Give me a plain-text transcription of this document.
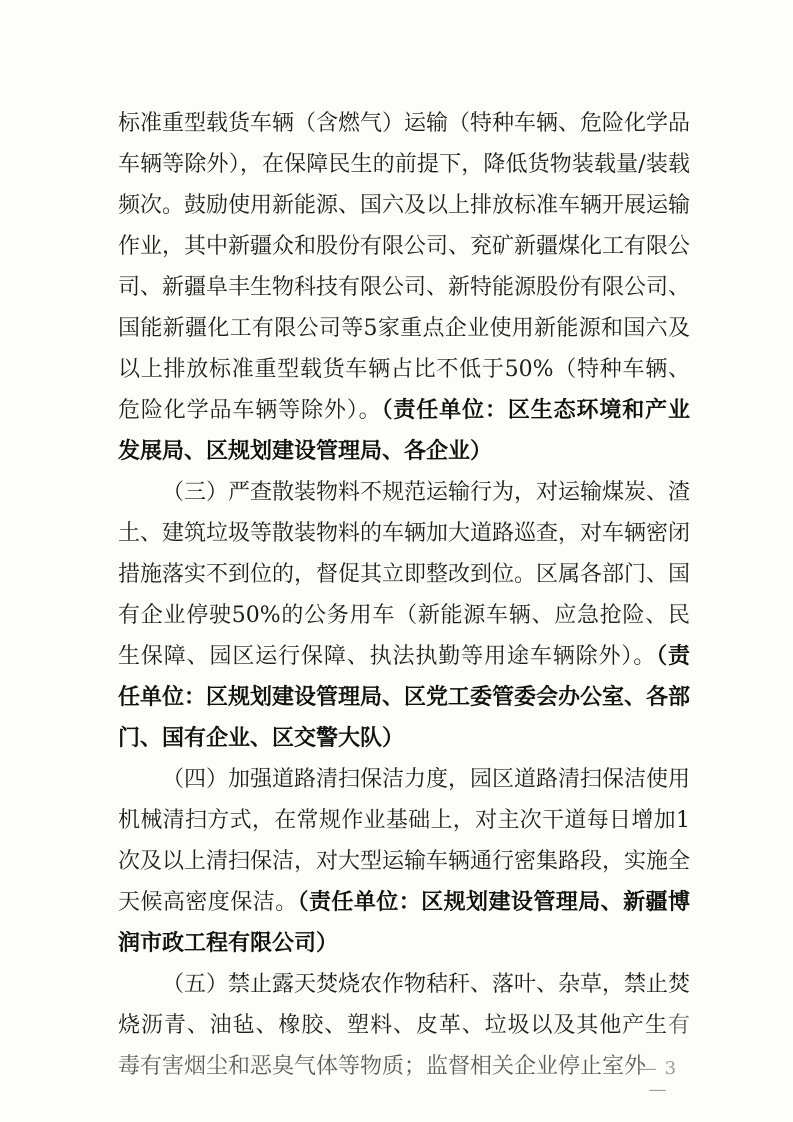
标准重型载货车辆（含燃气）运输（特种车辆、危险化学品车辆等除外），在保障民生的前提下，降低货物装载量/装载频次。鼓励使用新能源、国六及以上排放标准车辆开展运输作业，其中新疆众和股份有限公司、兖矿新疆煤化工有限公司、新疆阜丰生物科技有限公司、新特能源股份有限公司、国能新疆化工有限公司等5家重点企业使用新能源和国六及以上排放标准重型载货车辆占比不低于50%（特种车辆、危险化学品车辆等除外）。（责任单位：区生态环境和产业发展局、区规划建设管理局、各企业）

（三）严查散装物料不规范运输行为，对运输煤炭、渣土、建筑垃圾等散装物料的车辆加大道路巡查，对车辆密闭措施落实不到位的，督促其立即整改到位。区属各部门、国有企业停驶50%的公务用车（新能源车辆、应急抢险、民生保障、园区运行保障、执法执勤等用途车辆除外）。（责任单位：区规划建设管理局、区党工委管委会办公室、各部门、国有企业、区交警大队）

（四）加强道路清扫保洁力度，园区道路清扫保洁使用机械清扫方式，在常规作业基础上，对主次干道每日增加1次及以上清扫保洁，对大型运输车辆通行密集路段，实施全天候高密度保洁。（责任单位：区规划建设管理局、新疆博润市政工程有限公司）

（五）禁止露天焚烧农作物秸秆、落叶、杂草，禁止焚烧沥青、油毡、橡胶、塑料、皮革、垃圾以及其他产生有毒有害烟尘和恶臭气体等物质；监督相关企业停止室外

— 3 —
